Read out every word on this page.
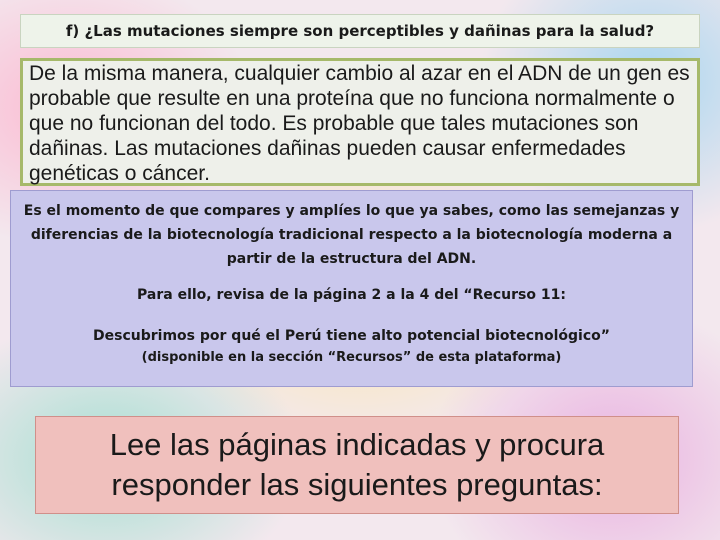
f) ¿Las mutaciones siempre son perceptibles y dañinas para la salud?

De la misma manera, cualquier cambio al azar en el ADN de un gen es probable que resulte en una proteína que no funciona normalmente o que no funcionan del todo. Es probable que tales mutaciones son dañinas. Las mutaciones dañinas pueden causar enfermedades genéticas o cáncer.

Es el momento de que compares y amplíes lo que ya sabes, como las semejanzas y diferencias de la biotecnología tradicional respecto a la biotecnología moderna a partir de la estructura del ADN.
Para ello, revisa de la página 2 a la 4 del “Recurso 11:
Descubrimos por qué el Perú tiene alto potencial biotecnológico”
(disponible en la sección “Recursos” de esta plataforma)
Lee las páginas indicadas y procura responder las siguientes preguntas:
